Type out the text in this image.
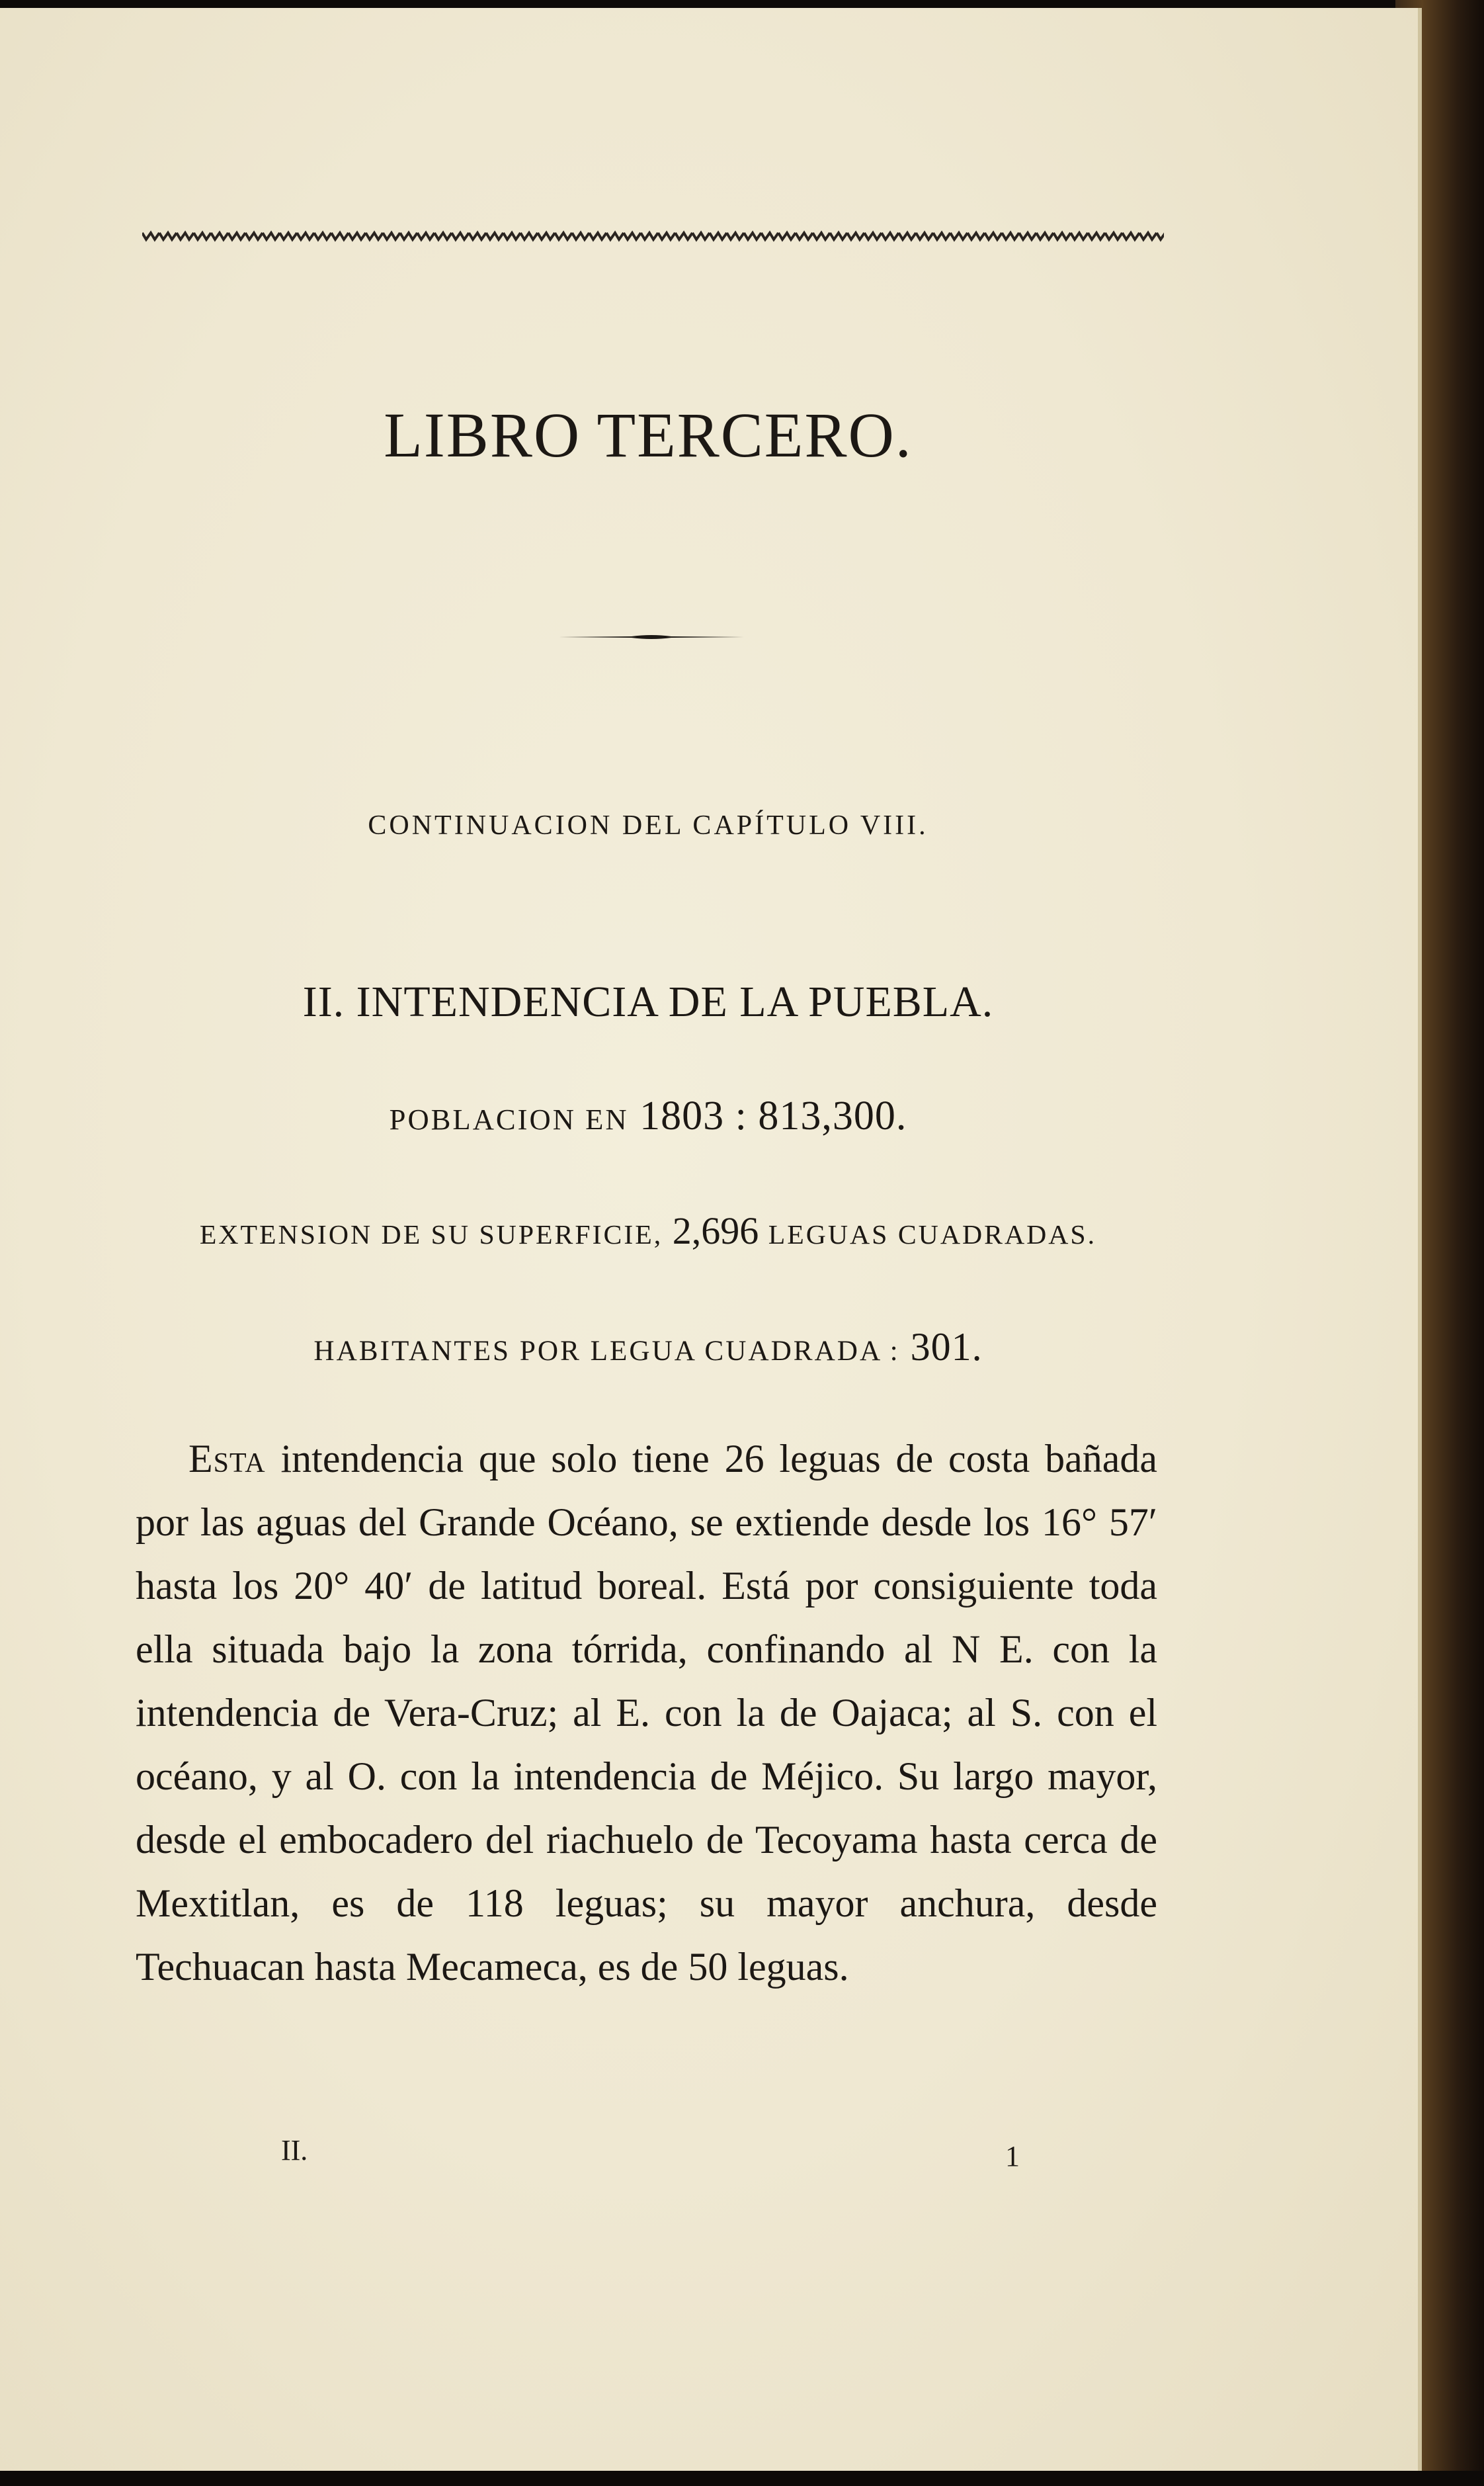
LIBRO TERCERO.
CONTINUACION DEL CAPÍTULO VIII.
II. INTENDENCIA DE LA PUEBLA.
POBLACION EN 1803 : 813,300.
EXTENSION DE SU SUPERFICIE, 2,696 LEGUAS CUADRADAS.
HABITANTES POR LEGUA CUADRADA : 301.
Esta intendencia que solo tiene 26 leguas de costa bañada por las aguas del Grande Océano, se extiende desde los 16° 57′ hasta los 20° 40′ de latitud boreal. Está por consiguiente toda ella situada bajo la zona tórrida, confinando al N E. con la intendencia de Vera-Cruz; al E. con la de Oajaca; al S. con el océano, y al O. con la intendencia de Méjico. Su largo mayor, desde el embocadero del riachuelo de Tecoyama hasta cerca de Mextitlan, es de 118 leguas; su mayor anchura, desde Techuacan hasta Mecameca, es de 50 leguas.
II.	1
